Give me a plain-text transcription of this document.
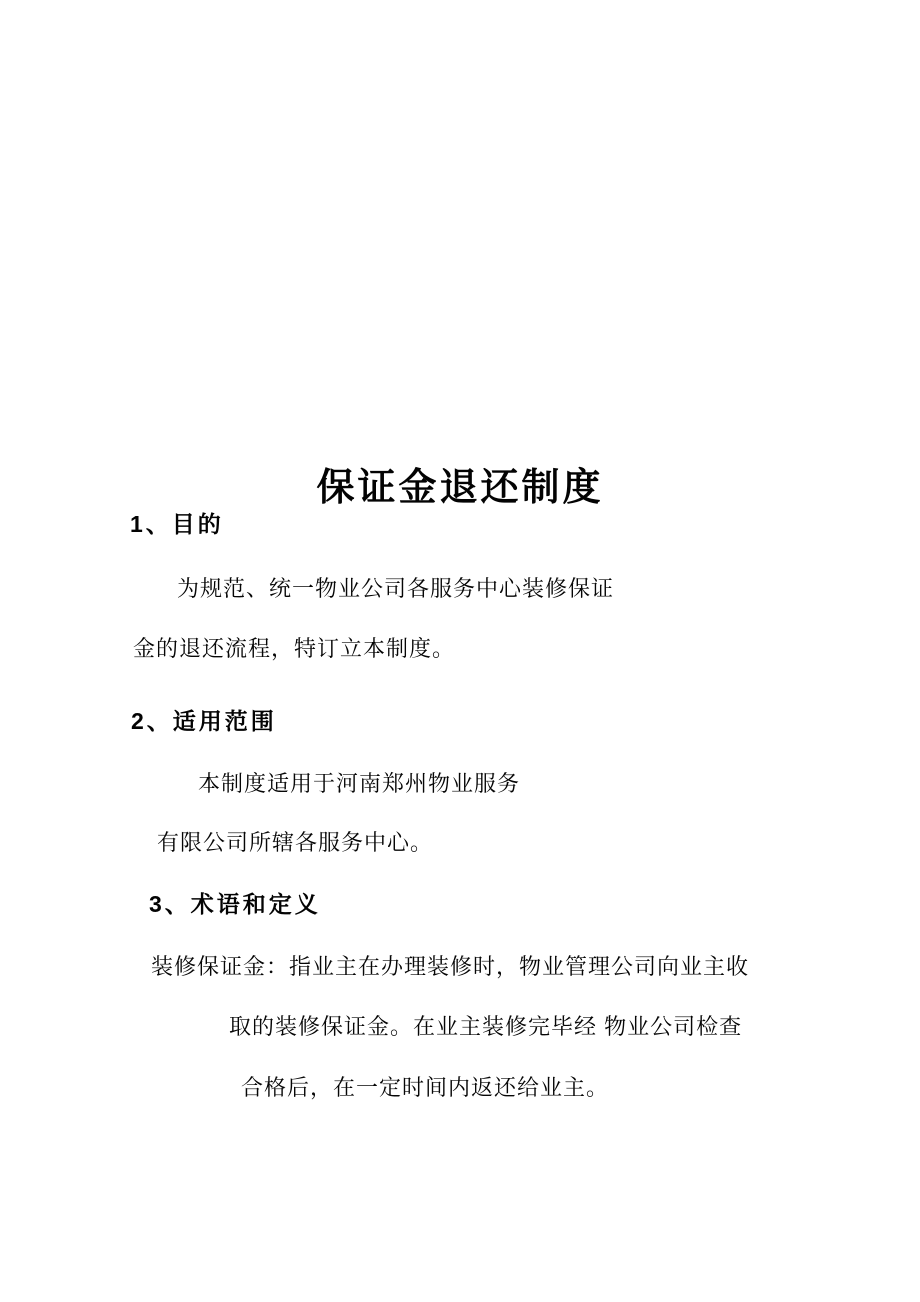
保证金退还制度
1、目的
为规范、统一物业公司各服务中心装修保证
金的退还流程，特订立本制度。
2、适用范围
本制度适用于河南郑州物业服务
有限公司所辖各服务中心。
3、术语和定义
装修保证金：指业主在办理装修时，物业管理公司向业主收
取的装修保证金。在业主装修完毕经 物业公司检查
合格后，在一定时间内返还给业主。
